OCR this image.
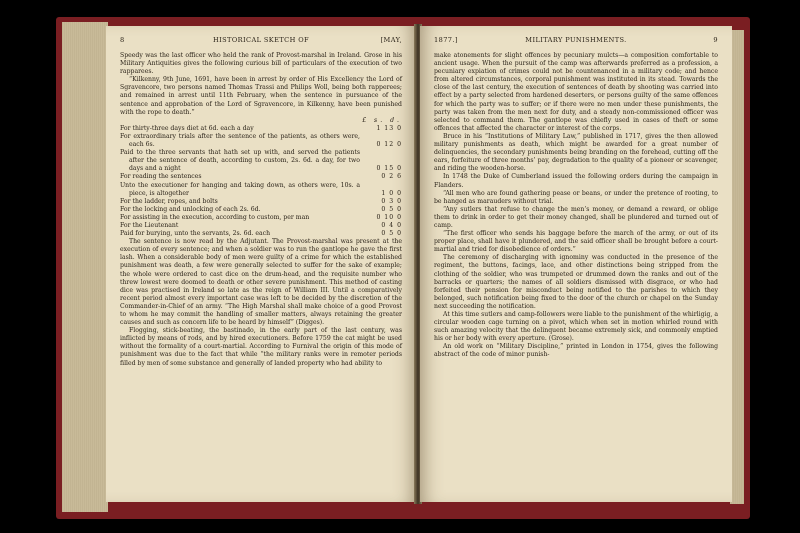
8	HISTORICAL SKETCH OF	[MAY,

Speedy was the last officer who held the rank of Provost-marshal in Ireland. Grose in his Military Antiquities gives the following curious bill of particulars of the execution of two rapparees.

“Kilkenny, 9th June, 1691, have been in arrest by order of His Excellency the Lord of Sgravencore, two persons named Thomas Trassi and Philips Woll, being both rapperees; and remained in arrest until 11th February, when the sentence in pursuance of the sentence and approbation of the Lord of Sgravencore, in Kilkenny, have been punished with the rope to death.”

£ s. d.
For thirty-three days diet at 6d. each a day	1 13 0
For extraordinary trials after the sentence of the patients, as others were, each 6s.	0 12 0
Paid to the three servants that hath set up with, and served the patients after the sentence of death, according to custom, 2s. 6d. a day, for two days and a night	0 15 0
For reading the sentences	0 2 6
Unto the executioner for hanging and taking down, as others were, 10s. a piece, is altogether	1 0 0
For the ladder, ropes, and bolts	0 3 0
For the locking and unlocking of each 2s. 6d.	0 5 0
For assisting in the execution, according to custom, per man	0 10 0
For the Lieutenant	0 4 0
Paid for burying, unto the servants, 2s. 6d. each	0 5 0

The sentence is now read by the Adjutant. The Provost-marshal was present at the execution of every sentence; and when a soldier was to run the gantlope he gave the first lash. When a considerable body of men were guilty of a crime for which the established punishment was death, a few were generally selected to suffer for the sake of example; the whole were ordered to cast dice on the drum-head, and the requisite number who threw lowest were doomed to death or other severe punishment. This method of casting dice was practised in Ireland so late as the reign of William III. Until a comparatively recent period almost every important case was left to be decided by the discretion of the Commander-in-Chief of an army. “The High Marshal shall make choice of a good Provost to whom he may commit the handling of smaller matters, always retaining the greater causes and such as concern life to be heard by himself” (Digges).

Flogging, stick-beating, the bastinado, in the early part of the last century, was inflicted by means of rods, and by hired executioners. Before 1759 the cat might be used without the formality of a court-martial. According to Furnival the origin of this mode of punishment was due to the fact that while “the military ranks were in remoter periods filled by men of some substance and generally of landed property who had ability to

1877.]	MILITARY PUNISHMENTS.	9

make atonements for slight offences by pecuniary mulcts—a composition comfortable to ancient usage. When the pursuit of the camp was afterwards preferred as a profession, a pecuniary expiation of crimes could not be countenanced in a military code; and hence from altered circumstances, corporal punishment was instituted in its stead. Towards the close of the last century, the execution of sentences of death by shooting was carried into effect by a party selected from hardened deserters, or persons guilty of the same offences for which the party was to suffer; or if there were no men under these punishments, the party was taken from the men next for duty, and a steady non-commissioned officer was selected to command them. The gantlope was chiefly used in cases of theft or some offences that affected the character or interest of the corps.

Bruce in his “Institutions of Military Law,” published in 1717, gives the then allowed military punishments as death, which might be awarded for a great number of delinquencies, the secondary punishments being branding on the forehead, cutting off the ears, forfeiture of three months’ pay, degradation to the quality of a pioneer or scavenger, and riding the wooden-horse.

In 1748 the Duke of Cumberland issued the following orders during the campaign in Flanders.

“All men who are found gathering pease or beans, or under the pretence of rooting, to be hanged as marauders without trial.

“Any sutlers that refuse to change the men’s money, or demand a reward, or oblige them to drink in order to get their money changed, shall be plundered and turned out of camp.

“The first officer who sends his baggage before the march of the army, or out of its proper place, shall have it plundered, and the said officer shall be brought before a court-martial and tried for disobedience of orders.”

The ceremony of discharging with ignominy was conducted in the presence of the regiment, the buttons, facings, lace, and other distinctions being stripped from the clothing of the soldier, who was trumpeted or drummed down the ranks and out of the barracks or quarters; the names of all soldiers dismissed with disgrace, or who had forfeited their pension for misconduct being notified to the parishes to which they belonged, such notification being fixed to the door of the church or chapel on the Sunday next succeeding the notification.

At this time sutlers and camp-followers were liable to the punishment of the whirligig, a circular wooden cage turning on a pivot, which when set in motion whirled round with such amazing velocity that the delinquent became extremely sick, and commonly emptied his or her body with every aperture. (Grose).

An old work on “Military Discipline,” printed in London in 1754, gives the following abstract of the code of minor punish-
